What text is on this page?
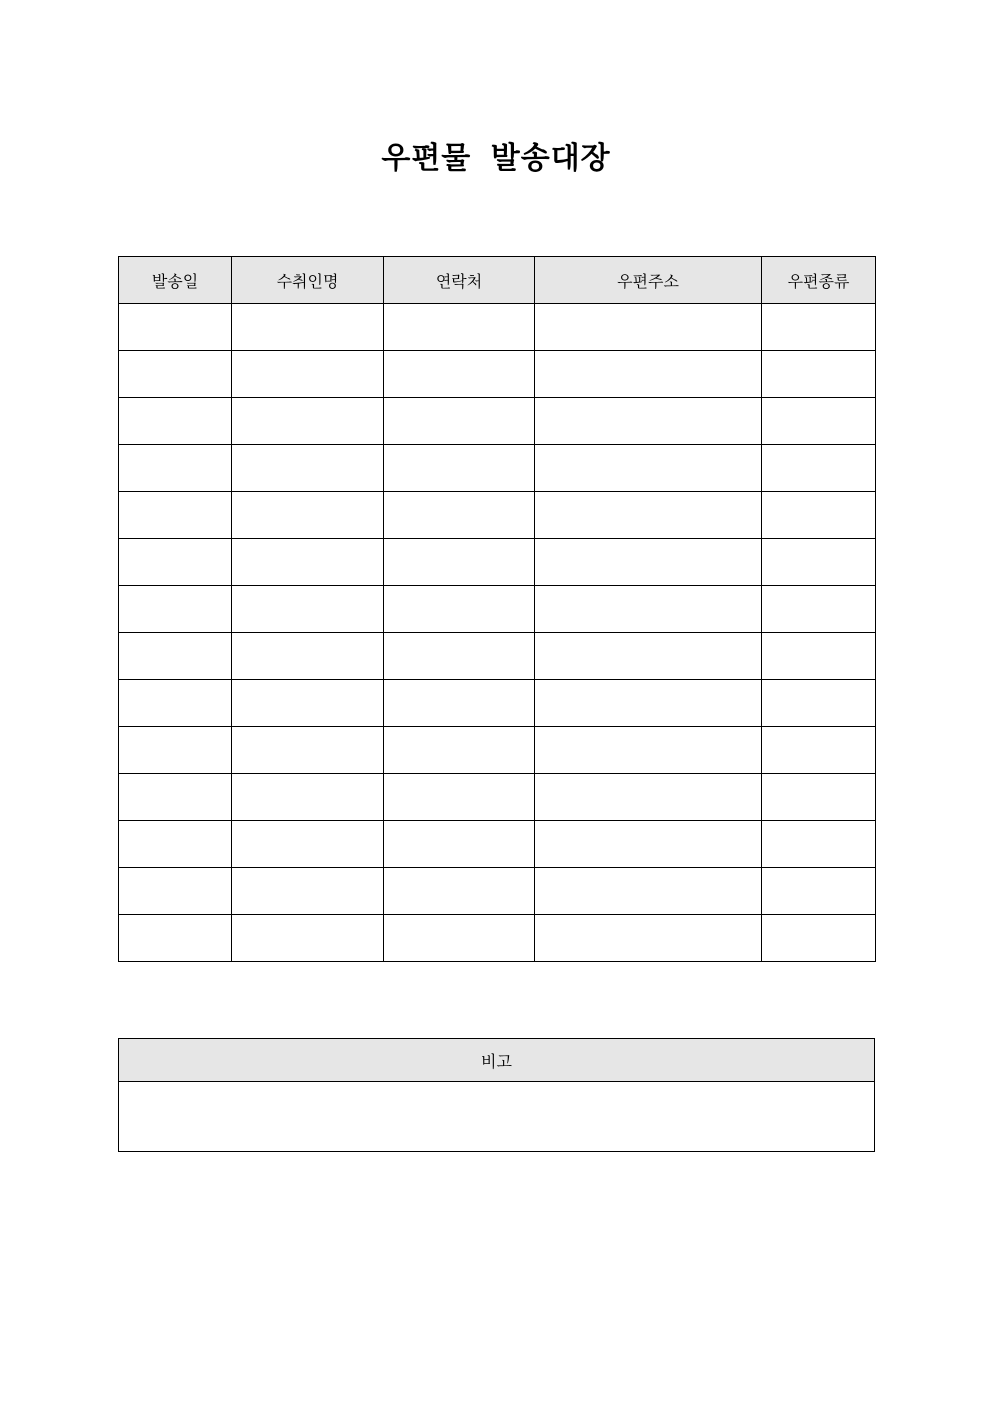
우편물 발송대장
발송일	수취인명	연락처	우편주소	우편종류

비고
